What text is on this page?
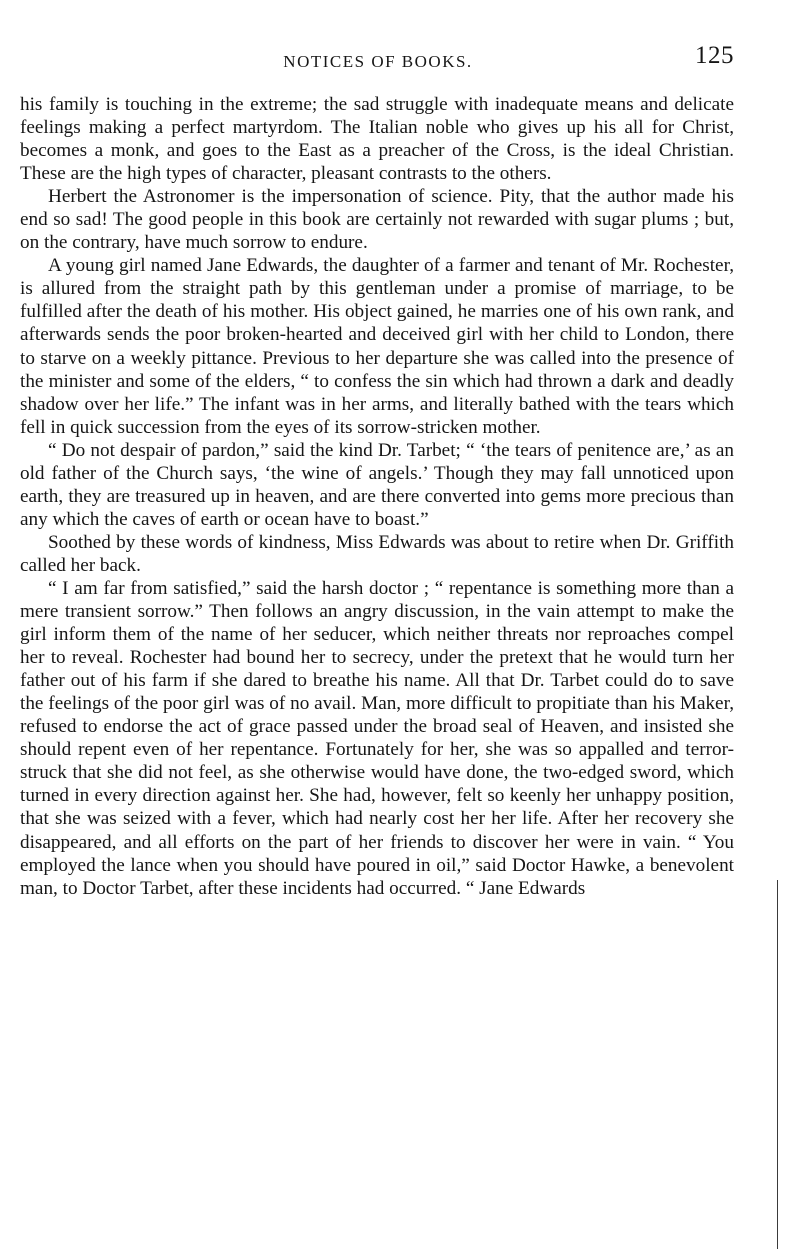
NOTICES OF BOOKS.	125

his family is touching in the extreme; the sad struggle with inadequate means and delicate feelings making a perfect martyrdom. The Italian noble who gives up his all for Christ, becomes a monk, and goes to the East as a preacher of the Cross, is the ideal Christian. These are the high types of character, pleasant contrasts to the others.

Herbert the Astronomer is the impersonation of science. Pity, that the author made his end so sad! The good people in this book are certainly not rewarded with sugar plums ; but, on the contrary, have much sorrow to endure.

A young girl named Jane Edwards, the daughter of a farmer and tenant of Mr. Rochester, is allured from the straight path by this gentleman under a promise of marriage, to be fulfilled after the death of his mother. His object gained, he marries one of his own rank, and afterwards sends the poor broken-hearted and deceived girl with her child to London, there to starve on a weekly pittance. Previous to her departure she was called into the presence of the minister and some of the elders, “ to confess the sin which had thrown a dark and deadly shadow over her life.” The infant was in her arms, and literally bathed with the tears which fell in quick succession from the eyes of its sorrow-stricken mother.

“ Do not despair of pardon,” said the kind Dr. Tarbet; “ ‘the tears of penitence are,’ as an old father of the Church says, ‘the wine of angels.’ Though they may fall unnoticed upon earth, they are treasured up in heaven, and are there converted into gems more precious than any which the caves of earth or ocean have to boast.”

Soothed by these words of kindness, Miss Edwards was about to retire when Dr. Griffith called her back.

“ I am far from satisfied,” said the harsh doctor ; “ repentance is something more than a mere transient sorrow.” Then follows an angry discussion, in the vain attempt to make the girl inform them of the name of her seducer, which neither threats nor reproaches compel her to reveal. Rochester had bound her to secrecy, under the pretext that he would turn her father out of his farm if she dared to breathe his name. All that Dr. Tarbet could do to save the feelings of the poor girl was of no avail. Man, more difficult to propitiate than his Maker, refused to endorse the act of grace passed under the broad seal of Heaven, and insisted she should repent even of her repentance. Fortunately for her, she was so appalled and terror-struck that she did not feel, as she otherwise would have done, the two-edged sword, which turned in every direction against her. She had, however, felt so keenly her unhappy position, that she was seized with a fever, which had nearly cost her her life. After her recovery she disappeared, and all efforts on the part of her friends to discover her were in vain. “ You employed the lance when you should have poured in oil,” said Doctor Hawke, a benevolent man, to Doctor Tarbet, after these incidents had occurred. “ Jane Edwards
